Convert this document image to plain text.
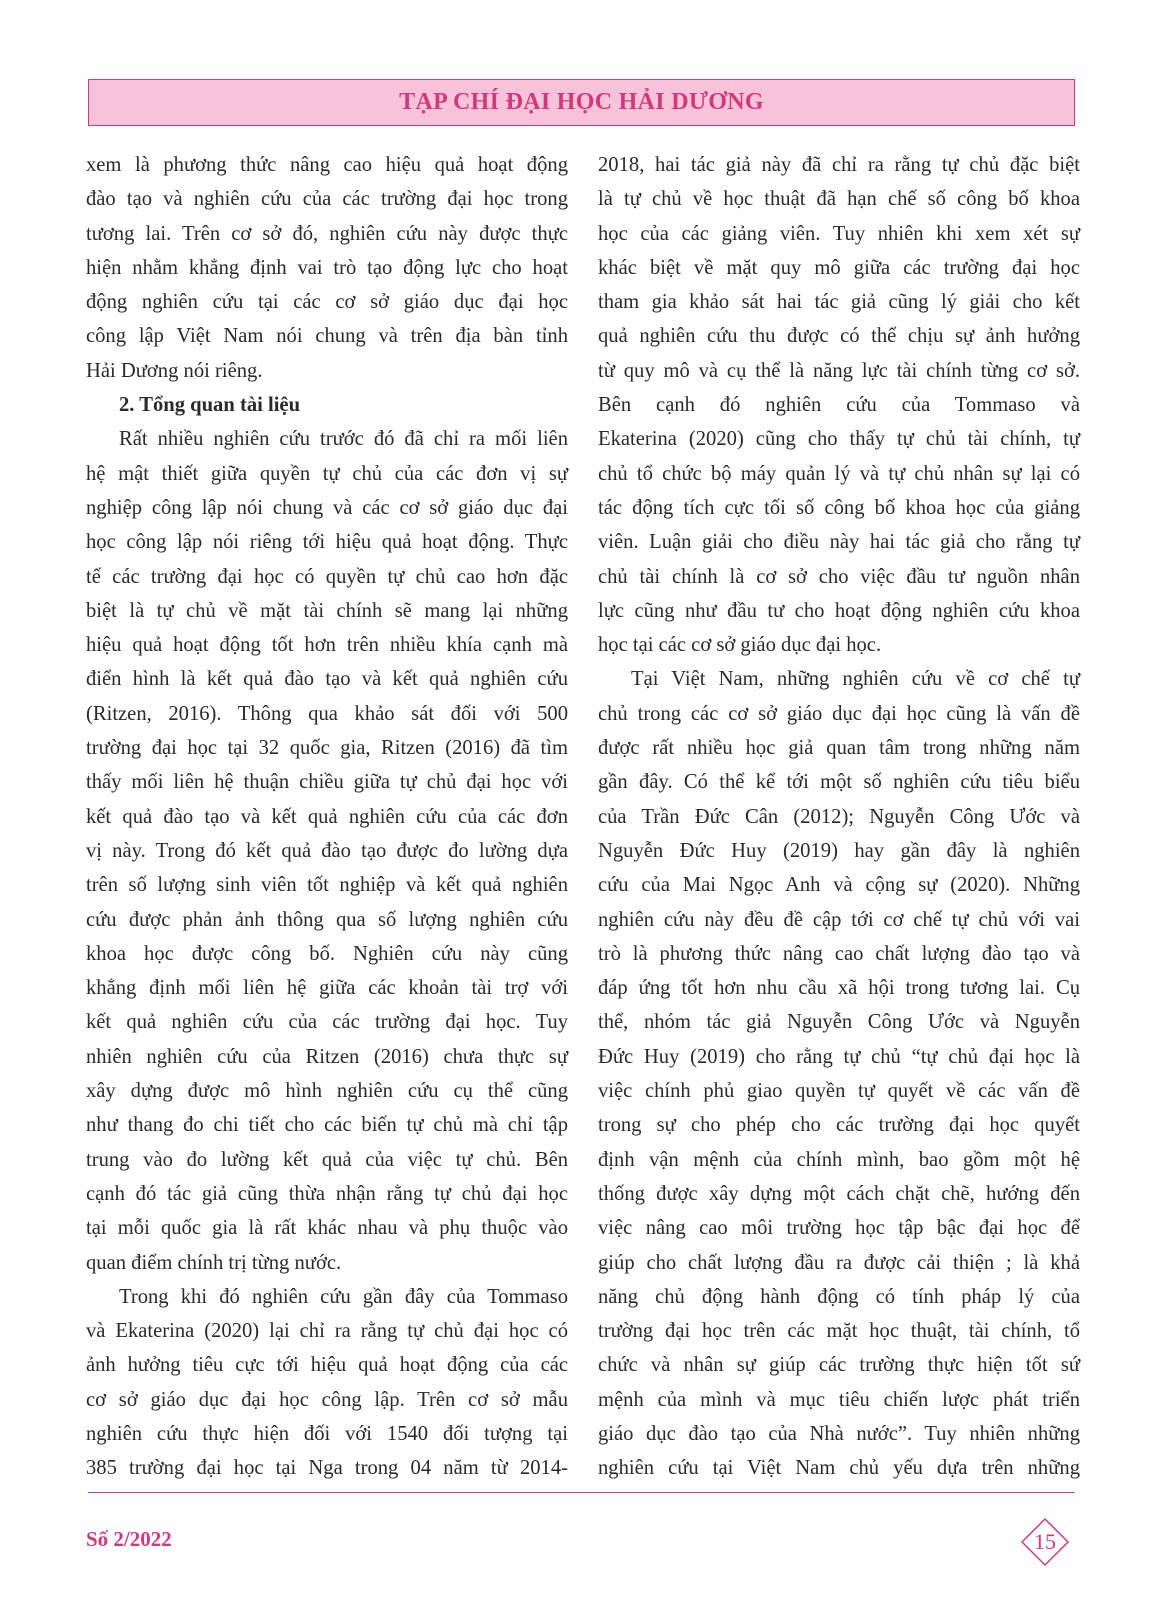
TẠP CHÍ ĐẠI HỌC HẢI DƯƠNG
xem là phương thức nâng cao hiệu quả hoạt động
đào tạo và nghiên cứu của các trường đại học trong
tương lai. Trên cơ sở đó, nghiên cứu này được thực
hiện nhằm khẳng định vai trò tạo động lực cho hoạt
động nghiên cứu tại các cơ sở giáo dục đại học
công lập Việt Nam nói chung và trên địa bàn tỉnh
Hải Dương nói riêng.
2. Tổng quan tài liệu
Rất nhiều nghiên cứu trước đó đã chỉ ra mối liên
hệ mật thiết giữa quyền tự chủ của các đơn vị sự
nghiệp công lập nói chung và các cơ sở giáo dục đại
học công lập nói riêng tới hiệu quả hoạt động. Thực
tế các trường đại học có quyền tự chủ cao hơn đặc
biệt là tự chủ về mặt tài chính sẽ mang lại những
hiệu quả hoạt động tốt hơn trên nhiều khía cạnh mà
điển hình là kết quả đào tạo và kết quả nghiên cứu
(Ritzen, 2016). Thông qua khảo sát đối với 500
trường đại học tại 32 quốc gia, Ritzen (2016) đã tìm
thấy mối liên hệ thuận chiều giữa tự chủ đại học với
kết quả đào tạo và kết quả nghiên cứu của các đơn
vị này. Trong đó kết quả đào tạo được đo lường dựa
trên số lượng sinh viên tốt nghiệp và kết quả nghiên
cứu được phản ảnh thông qua số lượng nghiên cứu
khoa học được công bố. Nghiên cứu này cũng
khẳng định mối liên hệ giữa các khoản tài trợ với
kết quả nghiên cứu của các trường đại học. Tuy
nhiên nghiên cứu của Ritzen (2016) chưa thực sự
xây dựng được mô hình nghiên cứu cụ thể cũng
như thang đo chi tiết cho các biến tự chủ mà chỉ tập
trung vào đo lường kết quả của việc tự chủ. Bên
cạnh đó tác giả cũng thừa nhận rằng tự chủ đại học
tại mỗi quốc gia là rất khác nhau và phụ thuộc vào
quan điểm chính trị từng nước.
Trong khi đó nghiên cứu gần đây của Tommaso
và Ekaterina (2020) lại chỉ ra rằng tự chủ đại học có
ảnh hưởng tiêu cực tới hiệu quả hoạt động của các
cơ sở giáo dục đại học công lập. Trên cơ sở mẫu
nghiên cứu thực hiện đối với 1540 đối tượng tại
385 trường đại học tại Nga trong 04 năm từ 2014-
2018, hai tác giả này đã chỉ ra rằng tự chủ đặc biệt
là tự chủ về học thuật đã hạn chế số công bố khoa
học của các giảng viên. Tuy nhiên khi xem xét sự
khác biệt về mặt quy mô giữa các trường đại học
tham gia khảo sát hai tác giả cũng lý giải cho kết
quả nghiên cứu thu được có thể chịu sự ảnh hưởng
từ quy mô và cụ thể là năng lực tài chính từng cơ sở.
Bên cạnh đó nghiên cứu của Tommaso và
Ekaterina (2020) cũng cho thấy tự chủ tài chính, tự
chủ tổ chức bộ máy quản lý và tự chủ nhân sự lại có
tác động tích cực tối số công bố khoa học của giảng
viên. Luận giải cho điều này hai tác giả cho rằng tự
chủ tài chính là cơ sở cho việc đầu tư nguồn nhân
lực cũng như đầu tư cho hoạt động nghiên cứu khoa
học tại các cơ sở giáo dục đại học.
Tại Việt Nam, những nghiên cứu về cơ chế tự
chủ trong các cơ sở giáo dục đại học cũng là vấn đề
được rất nhiều học giả quan tâm trong những năm
gần đây. Có thể kể tới một số nghiên cứu tiêu biểu
của Trần Đức Cân (2012); Nguyễn Công Ước và
Nguyễn Đức Huy (2019) hay gần đây là nghiên
cứu của Mai Ngọc Anh và cộng sự (2020). Những
nghiên cứu này đều đề cập tới cơ chế tự chủ với vai
trò là phương thức nâng cao chất lượng đào tạo và
đáp ứng tốt hơn nhu cầu xã hội trong tương lai. Cụ
thể, nhóm tác giả Nguyễn Công Ước và Nguyễn
Đức Huy (2019) cho rằng tự chủ “tự chủ đại học là
việc chính phủ giao quyền tự quyết về các vấn đề
trong sự cho phép cho các trường đại học quyết
định vận mệnh của chính mình, bao gồm một hệ
thống được xây dựng một cách chặt chẽ, hướng đến
việc nâng cao môi trường học tập bậc đại học để
giúp cho chất lượng đầu ra được cải thiện ; là khả
năng chủ động hành động có tính pháp lý của
trường đại học trên các mặt học thuật, tài chính, tổ
chức và nhân sự giúp các trường thực hiện tốt sứ
mệnh của mình và mục tiêu chiến lược phát triển
giáo dục đào tạo của Nhà nước”. Tuy nhiên những
nghiên cứu tại Việt Nam chủ yếu dựa trên những
Số 2/2022	15
